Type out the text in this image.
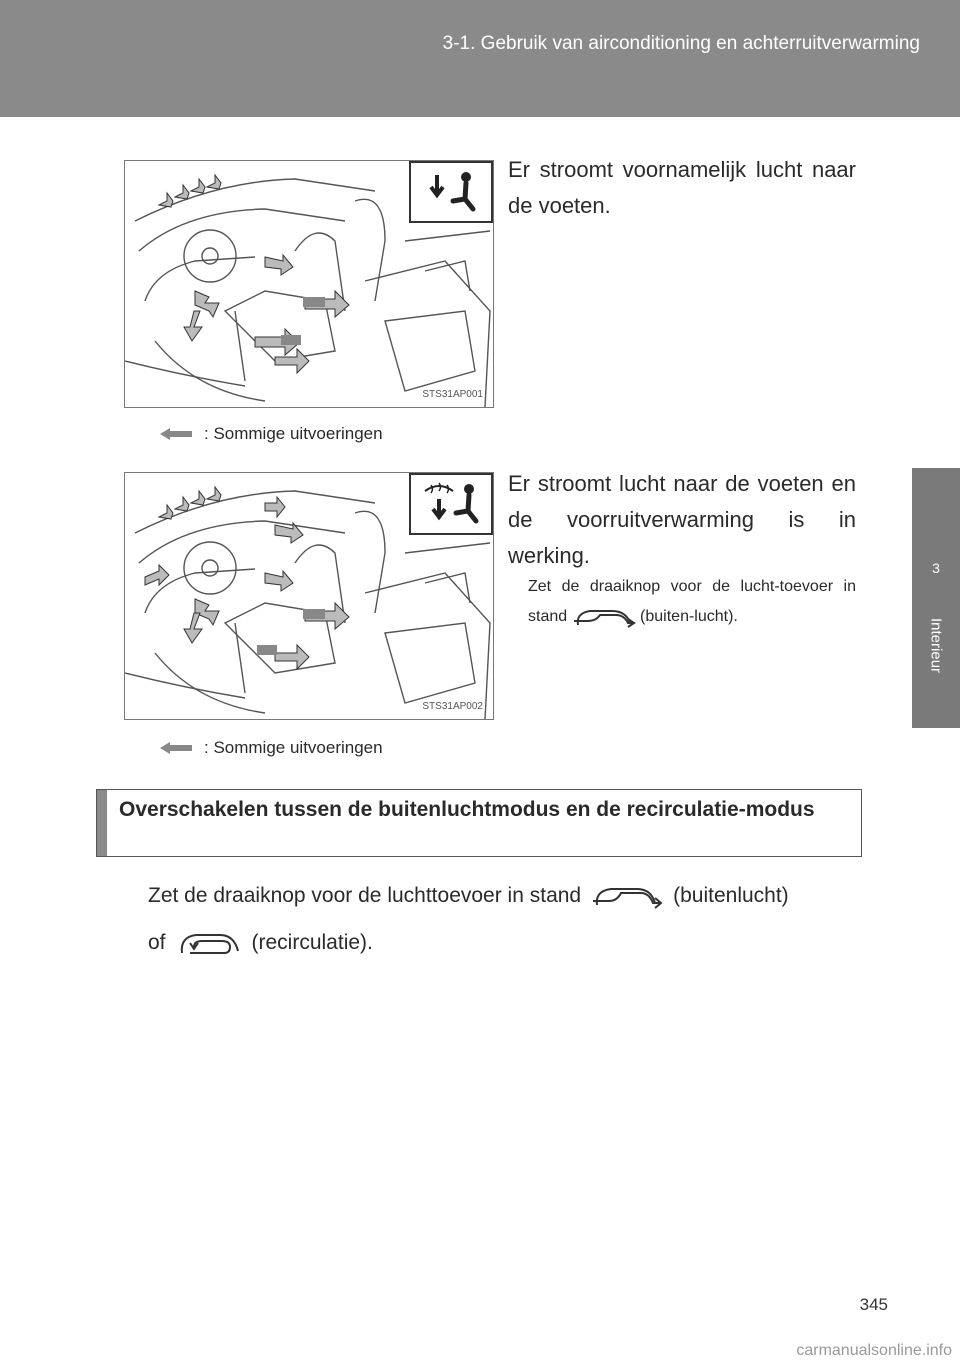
3-1. Gebruik van airconditioning en achterruitverwarming
3
Interieur
STS31AP001
: Sommige uitvoeringen
Er stroomt voornamelijk lucht naar de voeten.
STS31AP002
: Sommige uitvoeringen
Er stroomt lucht naar de voeten en de voorruitverwarming is in werking.
Zet de draaiknop voor de lucht-toevoer in stand	(buiten-lucht).
Overschakelen tussen de buitenluchtmodus en de recirculatie-modus
Zet de draaiknop voor de luchttoevoer in stand	(buitenlucht)
of	(recirculatie).
345
carmanualsonline.info
